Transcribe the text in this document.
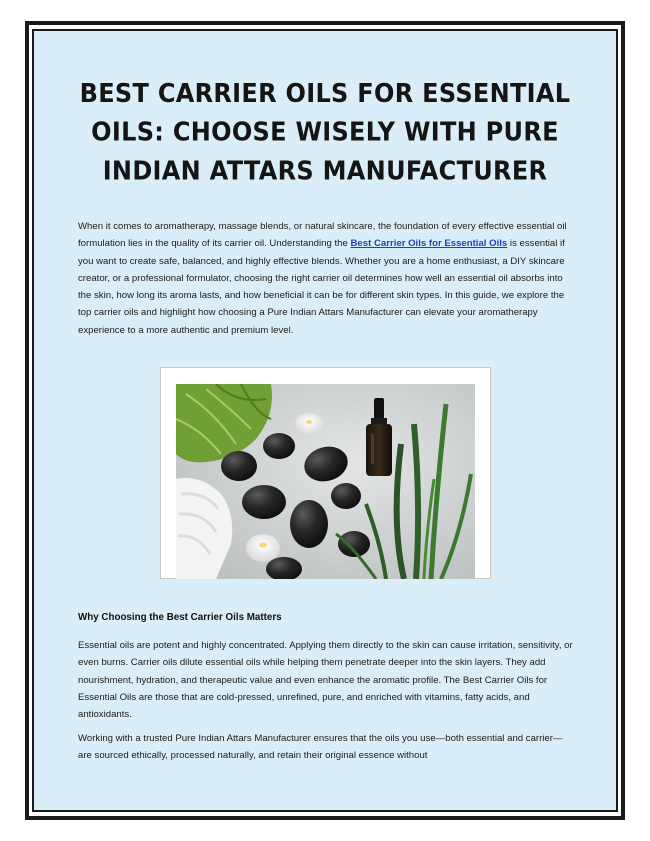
BEST CARRIER OILS FOR ESSENTIAL OILS: CHOOSE WISELY WITH PURE INDIAN ATTARS MANUFACTURER

When it comes to aromatherapy, massage blends, or natural skincare, the foundation of every effective essential oil formulation lies in the quality of its carrier oil. Understanding the Best Carrier Oils for Essential Oils is essential if you want to create safe, balanced, and highly effective blends. Whether you are a home enthusiast, a DIY skincare creator, or a professional formulator, choosing the right carrier oil determines how well an essential oil absorbs into the skin, how long its aroma lasts, and how beneficial it can be for different skin types. In this guide, we explore the top carrier oils and highlight how choosing a Pure Indian Attars Manufacturer can elevate your aromatherapy experience to a more authentic and premium level.

Why Choosing the Best Carrier Oils Matters

Essential oils are potent and highly concentrated. Applying them directly to the skin can cause irritation, sensitivity, or even burns. Carrier oils dilute essential oils while helping them penetrate deeper into the skin layers. They add nourishment, hydration, and therapeutic value and even enhance the aromatic profile. The Best Carrier Oils for Essential Oils are those that are cold-pressed, unrefined, pure, and enriched with vitamins, fatty acids, and antioxidants.

Working with a trusted Pure Indian Attars Manufacturer ensures that the oils you use—both essential and carrier—are sourced ethically, processed naturally, and retain their original essence without
